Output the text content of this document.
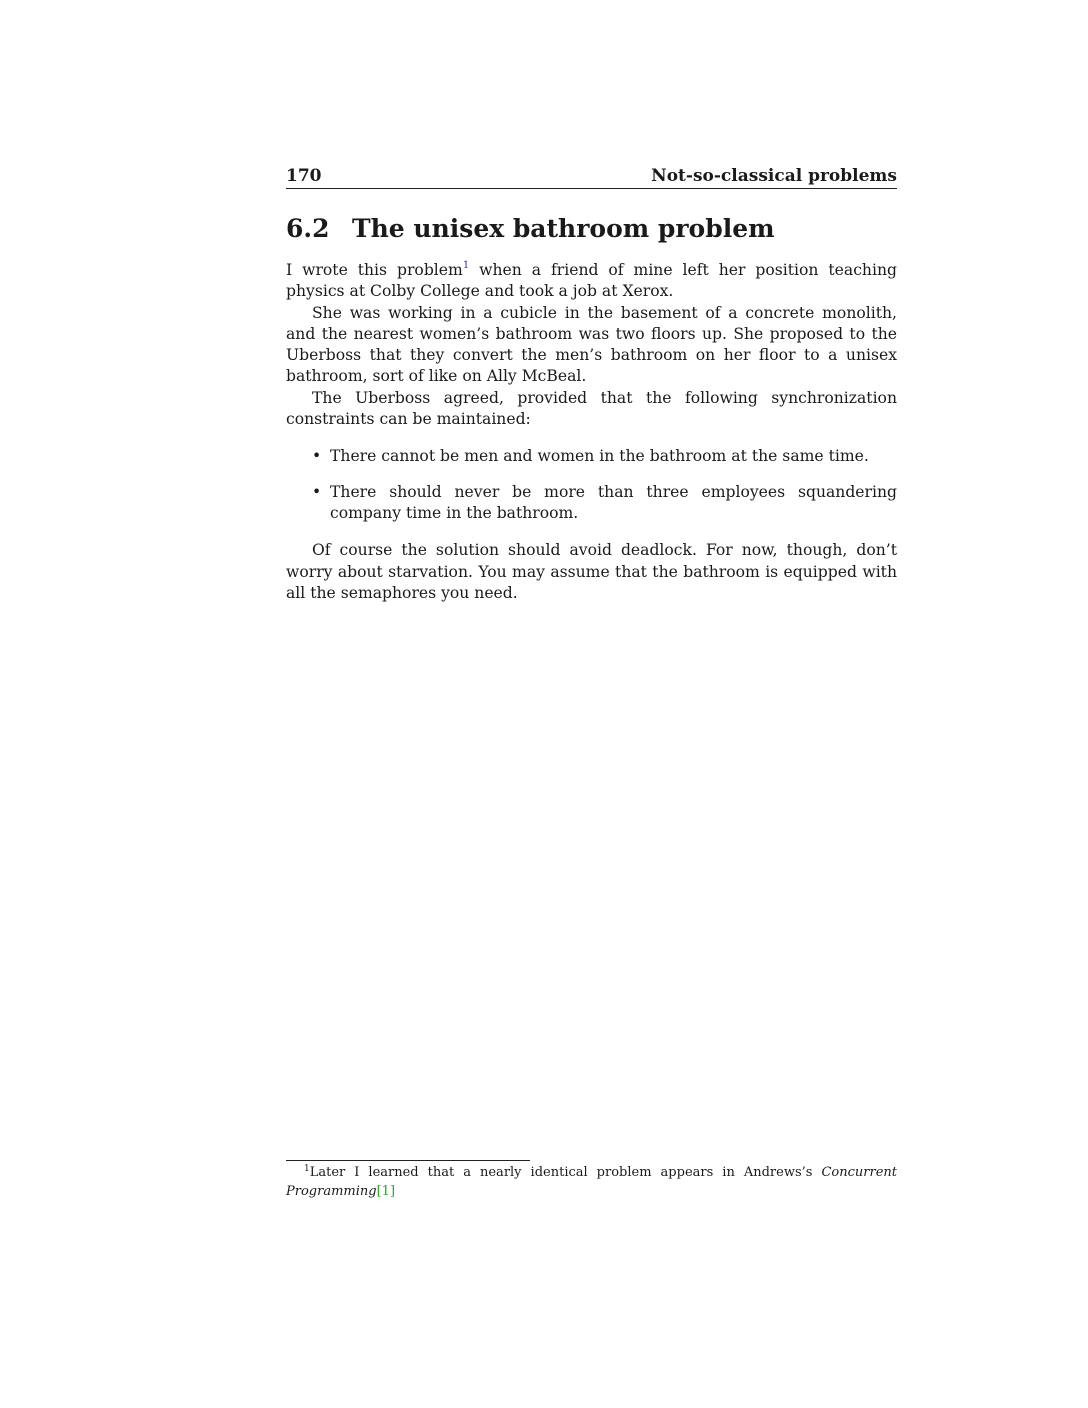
170	Not-so-classical problems
6.2 The unisex bathroom problem

I wrote this problem$^1$ when a friend of mine left her position teaching physics at Colby College and took a job at Xerox.

She was working in a cubicle in the basement of a concrete monolith, and the nearest women’s bathroom was two floors up. She proposed to the Uberboss that they convert the men’s bathroom on her floor to a unisex bathroom, sort of like on Ally McBeal.

The Uberboss agreed, provided that the following synchronization constraints can be maintained:

• There cannot be men and women in the bathroom at the same time.
• There should never be more than three employees squandering company time in the bathroom.

Of course the solution should avoid deadlock. For now, though, don’t worry about starvation. You may assume that the bathroom is equipped with all the semaphores you need.

$^1$Later I learned that a nearly identical problem appears in Andrews’s Concurrent Programming[1]
